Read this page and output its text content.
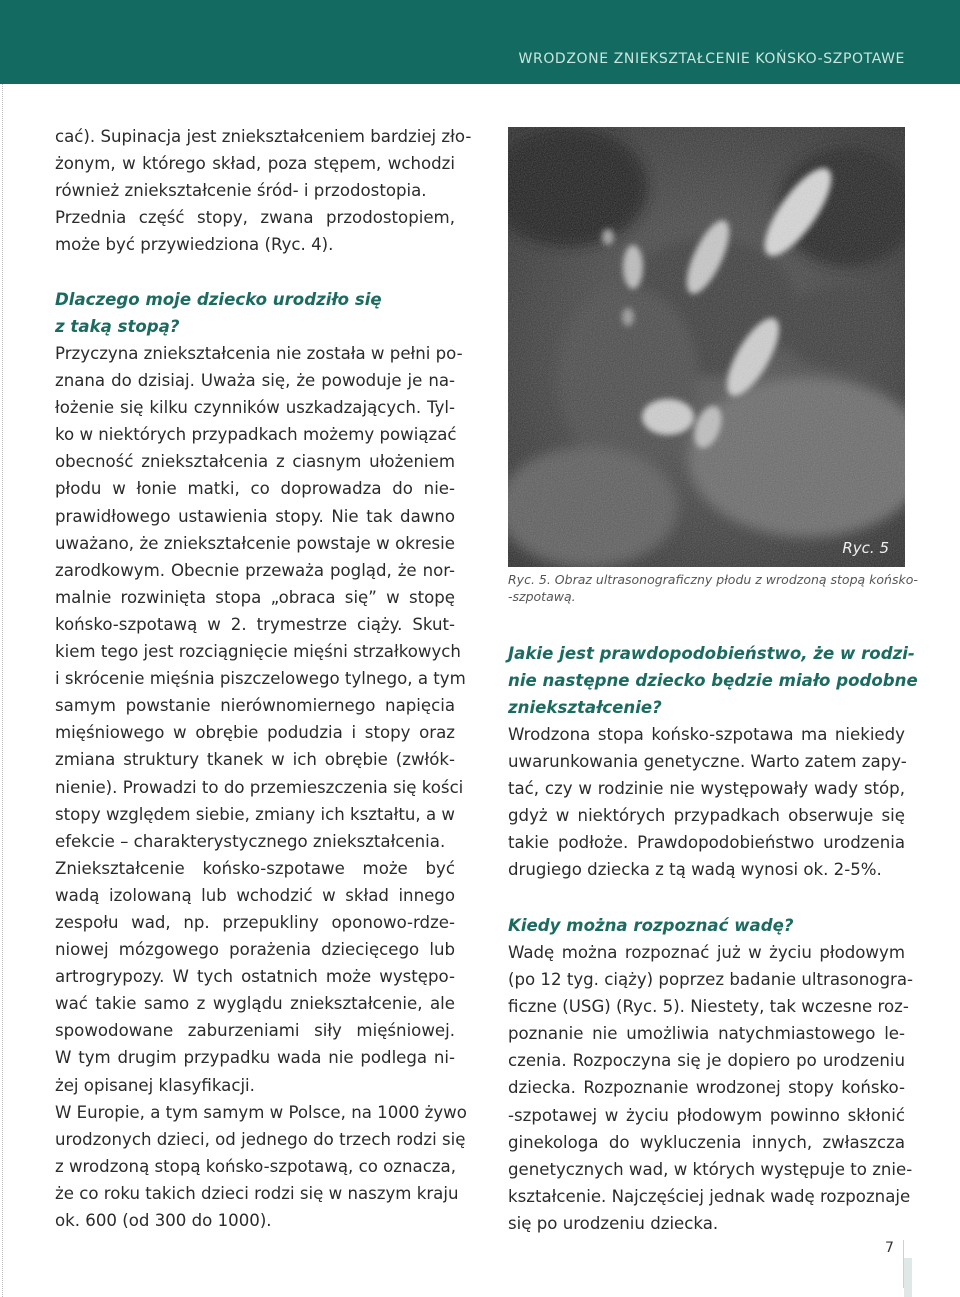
WRODZONE ZNIEKSZTAŁCENIE KOŃSKO-SZPOTAWE

cać). Supinacja jest zniekształceniem bardziej zło-
żonym, w którego skład, poza stępem, wchodzi
również zniekształcenie śród- i przodostopia.
Przednia część stopy, zwana przodostopiem,
może być przywiedziona (Ryc. 4).

Dlaczego moje dziecko urodziło się
z taką stopą?

Przyczyna zniekształcenia nie została w pełni po-
znana do dzisiaj. Uważa się, że powoduje je na-
łożenie się kilku czynników uszkadzających. Tyl-
ko w niektórych przypadkach możemy powiązać
obecność zniekształcenia z ciasnym ułożeniem
płodu w łonie matki, co doprowadza do nie-
prawidłowego ustawienia stopy. Nie tak dawno
uważano, że zniekształcenie powstaje w okresie
zarodkowym. Obecnie przeważa pogląd, że nor-
malnie rozwinięta stopa „obraca się” w stopę
końsko-szpotawą w 2. trymestrze ciąży. Skut-
kiem tego jest rozciągnięcie mięśni strzałkowych
i skrócenie mięśnia piszczelowego tylnego, a tym
samym powstanie nierównomiernego napięcia
mięśniowego w obrębie podudzia i stopy oraz
zmiana struktury tkanek w ich obrębie (zwłók-
nienie). Prowadzi to do przemieszczenia się kości
stopy względem siebie, zmiany ich kształtu, a w
efekcie – charakterystycznego zniekształcenia.
Zniekształcenie końsko-szpotawe może być
wadą izolowaną lub wchodzić w skład innego
zespołu wad, np. przepukliny oponowo-rdze-
niowej mózgowego porażenia dziecięcego lub
artrogrypozy. W tych ostatnich może występo-
wać takie samo z wyglądu zniekształcenie, ale
spowodowane zaburzeniami siły mięśniowej.
W tym drugim przypadku wada nie podlega ni-
żej opisanej klasyfikacji.
W Europie, a tym samym w Polsce, na 1000 żywo
urodzonych dzieci, od jednego do trzech rodzi się
z wrodzoną stopą końsko-szpotawą, co oznacza,
że co roku takich dzieci rodzi się w naszym kraju
ok. 600 (od 300 do 1000).

Ryc. 5
Ryc. 5. Obraz ultrasonograficzny płodu z wrodzoną stopą końsko-
-szpotawą.

Jakie jest prawdopodobieństwo, że w rodzi-
nie następne dziecko będzie miało podobne
zniekształcenie?

Wrodzona stopa końsko-szpotawa ma niekiedy
uwarunkowania genetyczne. Warto zatem zapy-
tać, czy w rodzinie nie występowały wady stóp,
gdyż w niektórych przypadkach obserwuje się
takie podłoże. Prawdopodobieństwo urodzenia
drugiego dziecka z tą wadą wynosi ok. 2-5%.

Kiedy można rozpoznać wadę?

Wadę można rozpoznać już w życiu płodowym
(po 12 tyg. ciąży) poprzez badanie ultrasonogra-
ficzne (USG) (Ryc. 5). Niestety, tak wczesne roz-
poznanie nie umożliwia natychmiastowego le-
czenia. Rozpoczyna się je dopiero po urodzeniu
dziecka. Rozpoznanie wrodzonej stopy końsko-
-szpotawej w życiu płodowym powinno skłonić
ginekologa do wykluczenia innych, zwłaszcza
genetycznych wad, w których występuje to znie-
kształcenie. Najczęściej jednak wadę rozpoznaje
się po urodzeniu dziecka.

7
